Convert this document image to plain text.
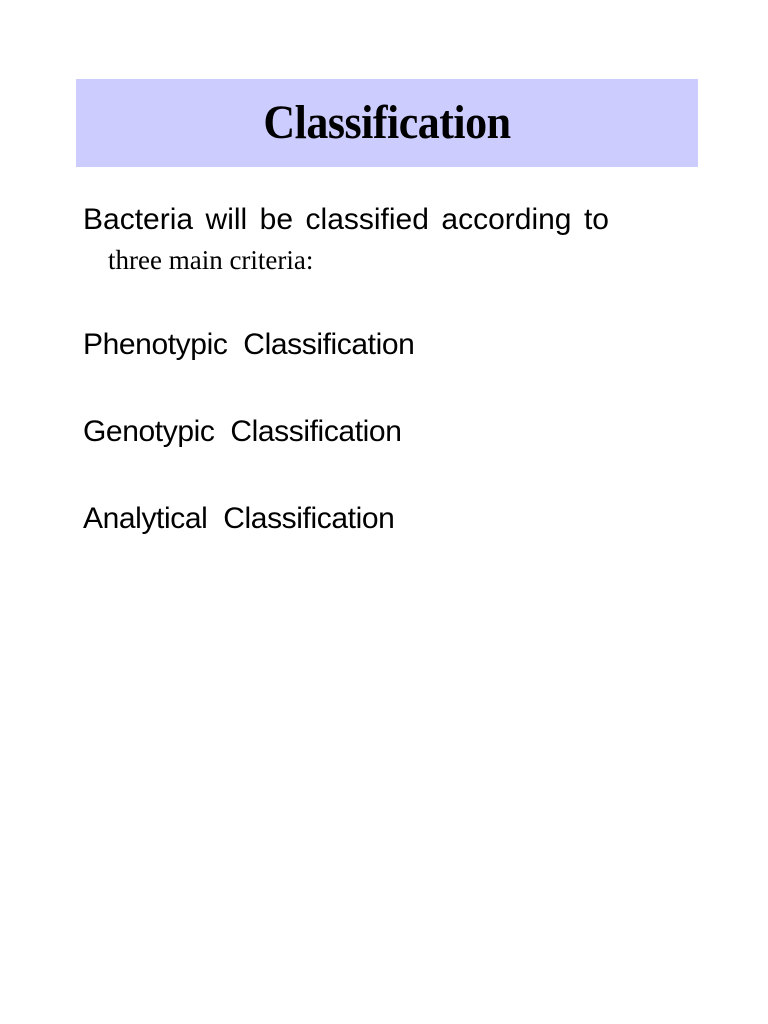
Classification
Bacteria will be classified according to
three main criteria:
Phenotypic  Classification
Genotypic  Classification
Analytical  Classification
